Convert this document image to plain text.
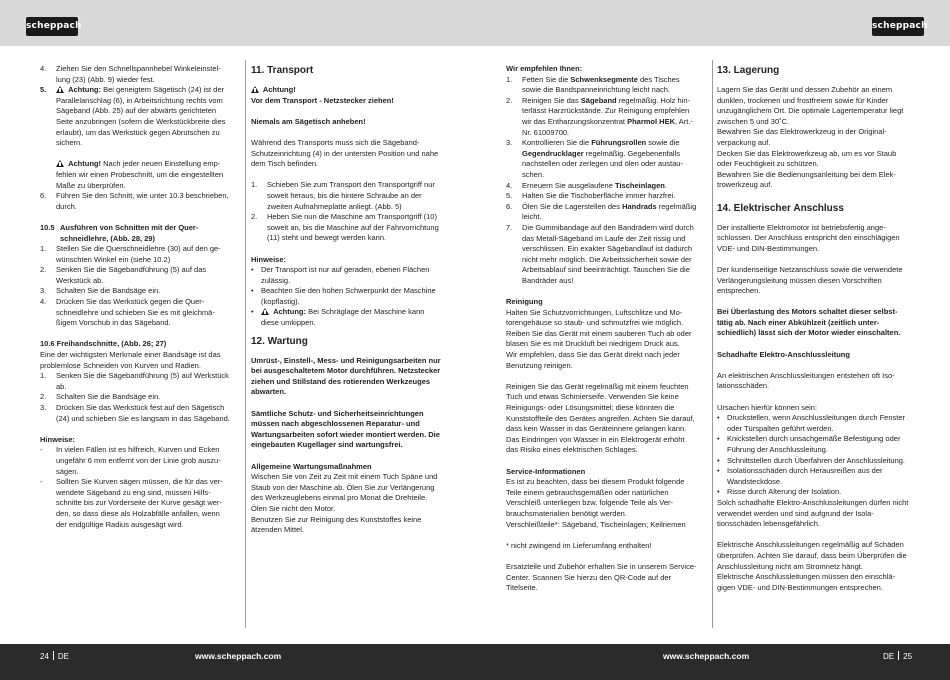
scheppach	scheppach
4.	Ziehen Sie den Schnellspannhebel Winkeleinstellung (23) (Abb. 9) wieder fest.
5.	Achtung: Bei geneigtem Sägetisch (24) ist der Parallelanschlag (6), in Arbeitsrichtung rechts vom Sägeband (Abb. 25) auf der abwärts gerichteten Seite anzubringen (sofern die Werkstückbreite dies erlaubt), um das Werkstück gegen Abrutschen zu sichern.
Achtung! Nach jeder neuen Einstellung empfehlen wir einen Probeschnitt, um die eingestellten Maße zu überprüfen.
6.	Führen Sie den Schnitt, wie unter 10.3 beschrieben, durch.
10.5 Ausführen von Schnitten mit der Querschneidlehre, (Abb. 28, 29)
1.	Stellen Sie die Querschneidlehre (30) auf den gewünschten Winkel ein (siehe 10.2)
2.	Senken Sie die Sägebandführung (5) auf das Werkstück ab.
3.	Schalten Sie die Bandsäge ein.
4.	Drücken Sie das Werkstück gegen die Querschneidlehre und schieben Sie es mit gleichmäßigem Vorschub in das Sägeband.

10.6 Freihandschnitte, (Abb. 26; 27)

Eine der wichtigsten Merkmale einer Bandsäge ist das problemlose Schneiden von Kurven und Radien.

1.	Senken Sie die Sägebandführung (5) auf Werkstück ab.
2.	Schalten Sie die Bandsäge ein.
3.	Drücken Sie das Werkstück fest auf den Sägetisch (24) und schieben Sie es langsam in das Sägeband.

Hinweise:

-	In vielen Fällen ist es hilfreich, Kurven und Ecken ungefähr 6 mm entfernt von der Linie grob auszusägen.
-	Sollten Sie Kurven sägen müssen, die für das verwendete Sägeband zu eng sind, müssen Hilfsschnitte bis zur Vorderseite der Kurve gesägt werden, so dass diese als Holzabfälle anfallen, wenn der endgültige Radius ausgesägt wird.

11. Transport

Achtung!

Vor dem Transport - Netzstecker ziehen!

Niemals am Sägetisch anheben!

Während des Transports muss sich die Sägeband-Schutzeinrichtung (4) in der untersten Position und nahe dem Tisch befinden.

1.	Schieben Sie zum Transport den Transportgriff nur soweit heraus, bis die hintere Schraube an der zweiten Aufnahmeplatte anliegt. (Abb. 5)
2.	Heben Sie nun die Maschine am Transportgriff (10) soweit an, bis die Maschine auf der Fahrvorrichtung (11) steht und bewegt werden kann.

Hinweise:

• Der Transport ist nur auf geraden, ebenen Flächen zulässig.
• Beachten Sie den hohen Schwerpunkt der Maschine (kopflastig).
•	Achtung: Bei Schräglage der Maschine kann diese umkippen.

12. Wartung

Umrüst-, Einstell-, Mess- und Reinigungsarbeiten nur bei ausgeschaltetem Motor durchführen. Netzstecker ziehen und Stillstand des rotierenden Werkzeuges abwarten.

Sämtliche Schutz- und Sicherheitseinrichtungen müssen nach abgeschlossenen Reparatur- und Wartungsarbeiten sofort wieder montiert werden. Die eingebauten Kugellager sind wartungsfrei.

Allgemeine Wartungsmaßnahmen

Wischen Sie von Zeit zu Zeit mit einem Tuch Späne und Staub von der Maschine ab. Ölen Sie zur Verlängerung des Werkzeuglebens einmal pro Monat die Drehteile. Ölen Sie nicht den Motor.

Benutzen Sie zur Reinigung des Kunststoffes keine ätzenden Mittel.

Wir empfehlen Ihnen:

1.	Fetten Sie die Schwenksegmente des Tisches sowie die Bandspanneinrichtung leicht nach.
2.	Reinigen Sie das Sägeband regelmäßig. Holz hinterlässt Harzrückstände. Zur Reinigung empfehlen wir das Entharzungskonzentrat Pharmol HEK, Art.-Nr. 61009700.
3.	Kontrollieren Sie die Führungsrollen sowie die Gegendrucklager regelmäßig. Gegebenenfalls nachstellen oder zerlegen und ölen oder austauschen.
4.	Erneuern Sie ausgelaufene Tischeinlagen.
5.	Halten Sie die Tischoberfläche immer harzfrei.
6.	Ölen Sie die Lagerstellen des Handrads regelmäßig leicht.
7.	Die Gummibandage auf den Bandrädern wird durch das Metall-Sägeband im Laufe der Zeit rissig und verschlissen. Ein exakter Sägebandlauf ist dadurch nicht mehr möglich. Die Arbeitssicherheit sowie der Arbeitsablauf sind beeinträchtigt. Tauschen Sie die Bandräder aus!

Reinigung

Halten Sie Schutzvorrichtungen, Luftschlitze und Motorengehäuse so staub- und schmutzfrei wie möglich. Reiben Sie das Gerät mit einem sauberen Tuch ab oder blasen Sie es mit Druckluft bei niedrigem Druck aus.

Wir empfehlen, dass Sie das Gerät direkt nach jeder Benutzung reinigen.

Reinigen Sie das Gerät regelmäßig mit einem feuchten Tuch und etwas Schmierseife. Verwenden Sie keine Reinigungs- oder Lösungsmittel; diese könnten die Kunststoffteile des Gerätes angreifen. Achten Sie darauf, dass kein Wasser in das Geräteinnere gelangen kann. Das Eindringen von Wasser in ein Elektrogerät erhöht das Risiko eines elektrischen Schlages.

Service-Informationen

Es ist zu beachten, dass bei diesem Produkt folgende Teile einem gebrauchsgemäßen oder natürlichen Verschleiß unterliegen bzw. folgende Teile als Verbrauchsmaterialien benötigt werden.

Verschleißteile*: Sägeband, Tischeinlagen; Keilriemen

* nicht zwingend im Lieferumfang enthalten!

Ersatzteile und Zubehör erhalten Sie in unserem Service-Center. Scannen Sie hierzu den QR-Code auf der Titelseite.

13. Lagerung

Lagern Sie das Gerät und dessen Zubehör an einem dunklen, trockenen und frostfreiem sowie für Kinder unzugänglichem Ort. Die optimale Lagertemperatur liegt zwischen 5 und 30˚C.

Bewahren Sie das Elektrowerkzeug in der Originalverpackung auf.

Decken Sie das Elektrowerkzeug ab, um es vor Staub oder Feuchtigkeit zu schützen.

Bewahren Sie die Bedienungsanleitung bei dem Elektrowerkzeug auf.

14. Elektrischer Anschluss

Der installierte Elektromotor ist betriebsfertig angeschlossen. Der Anschluss entspricht den einschlägigen VDE- und DIN-Bestimmungen.

Der kundenseitige Netzanschluss sowie die verwendete Verlängerungsleitung müssen diesen Vorschriften entsprechen.

Bei Überlastung des Motors schaltet dieser selbsttätig ab. Nach einer Abkühlzeit (zeitlich unterschiedlich) lässt sich der Motor wieder einschalten.

Schadhafte Elektro-Anschlussleitung

An elektrischen Anschlussleitungen entstehen oft Isolationsschäden.

Ursachen hierfür können sein:

• Druckstellen, wenn Anschlussleitungen durch Fenster oder Türspalten geführt werden.
• Knickstellen durch unsachgemäße Befestigung oder Führung der Anschlussleitung.
• Schnittstellen durch Überfahren der Anschlussleitung.
• Isolationsschäden durch Herausreißen aus der Wandsteckdose.
• Risse durch Alterung der Isolation.

Solch schadhafte Elektro-Anschlussleitungen dürfen nicht verwendet werden und sind aufgrund der Isolationsschäden lebensgefährlich.

Elektrische Anschlussleitungen regelmäßig auf Schäden überprüfen. Achten Sie darauf, dass beim Überprüfen die Anschlussleitung nicht am Stromnetz hängt.

Elektrische Anschlussleitungen müssen den einschlägigen VDE- und DIN-Bestimmungen entsprechen.

24 DE	www.scheppach.com	www.scheppach.com	DE 25
